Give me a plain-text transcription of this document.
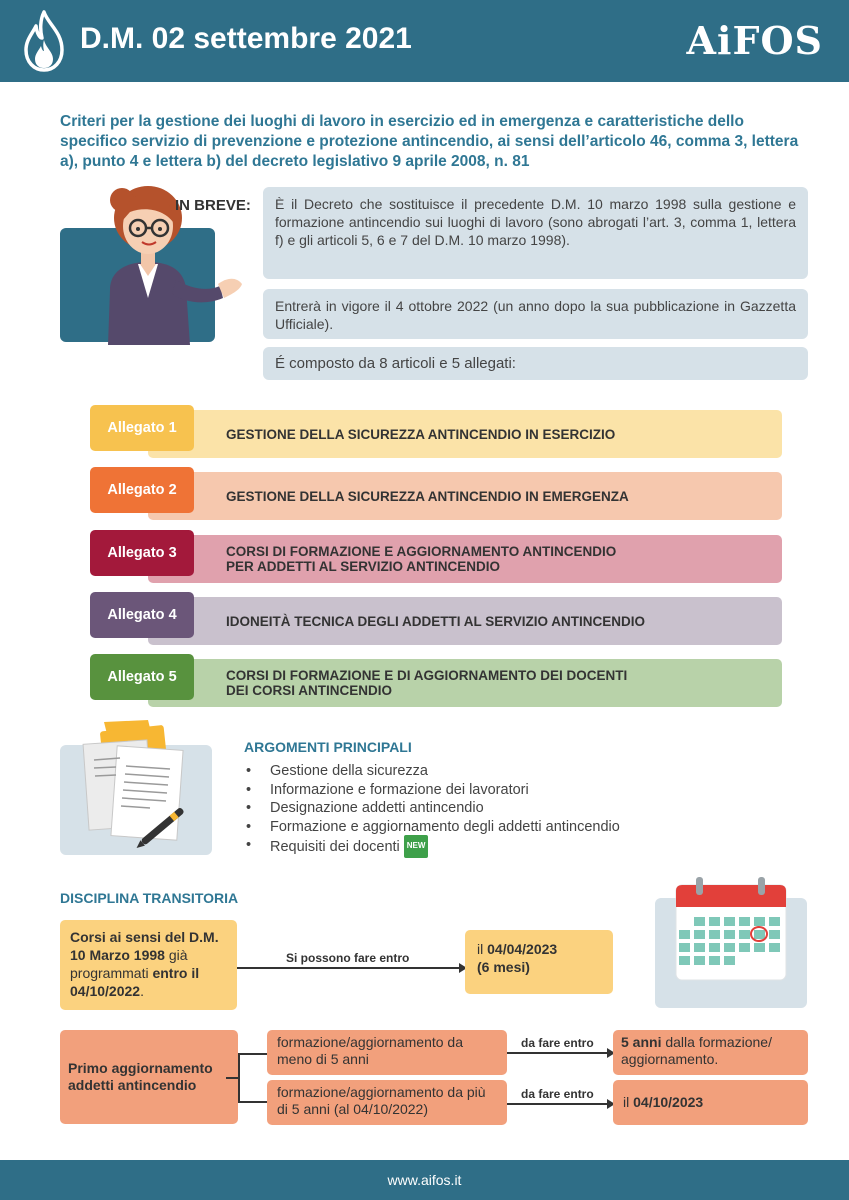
D.M. 02 settembre 2021	AiFOS
Criteri per la gestione dei luoghi di lavoro in esercizio ed in emergenza e caratteristiche dello specifico servizio di prevenzione e protezione antincendio, ai sensi dell’articolo 46, comma 3, lettera a), punto 4 e lettera b) del decreto legislativo 9 aprile 2008, n. 81
IN BREVE:	È il Decreto che sostituisce il precedente D.M. 10 marzo 1998 sulla gestione e formazione antincendio sui luoghi di lavoro (sono abrogati l’art. 3, comma 1, lettera f) e gli articoli 5, 6 e 7 del D.M. 10 marzo 1998).
Entrerà in vigore il 4 ottobre 2022 (un anno dopo la sua pubblicazione in Gazzetta Ufficiale).
É composto da 8 articoli e 5 allegati:
Allegato 1	GESTIONE DELLA SICUREZZA ANTINCENDIO IN ESERCIZIO
Allegato 2	GESTIONE DELLA SICUREZZA ANTINCENDIO IN EMERGENZA
Allegato 3	CORSI DI FORMAZIONE E AGGIORNAMENTO ANTINCENDIO
PER ADDETTI AL SERVIZIO ANTINCENDIO
Allegato 4	IDONEITÀ TECNICA DEGLI ADDETTI AL SERVIZIO ANTINCENDIO
Allegato 5	CORSI DI FORMAZIONE E DI AGGIORNAMENTO DEI DOCENTI
DEI CORSI ANTINCENDIO
ARGOMENTI PRINCIPALI
• Gestione della sicurezza
• Informazione e formazione dei lavoratori
• Designazione addetti antincendio
• Formazione e aggiornamento degli addetti antincendio
• Requisiti dei docenti NEW
DISCIPLINA TRANSITORIA
Corsi ai sensi del D.M. 10 Marzo 1998 già programmati entro il 04/10/2022.
Si possono fare entro
il 04/04/2023
(6 mesi)
Primo aggiornamento addetti antincendio
formazione/aggiornamento da meno di 5 anni
formazione/aggiornamento da più di 5 anni (al 04/10/2022)
da fare entro
da fare entro
5 anni dalla formazione/ aggiornamento.
il 04/10/2023
www.aifos.it
